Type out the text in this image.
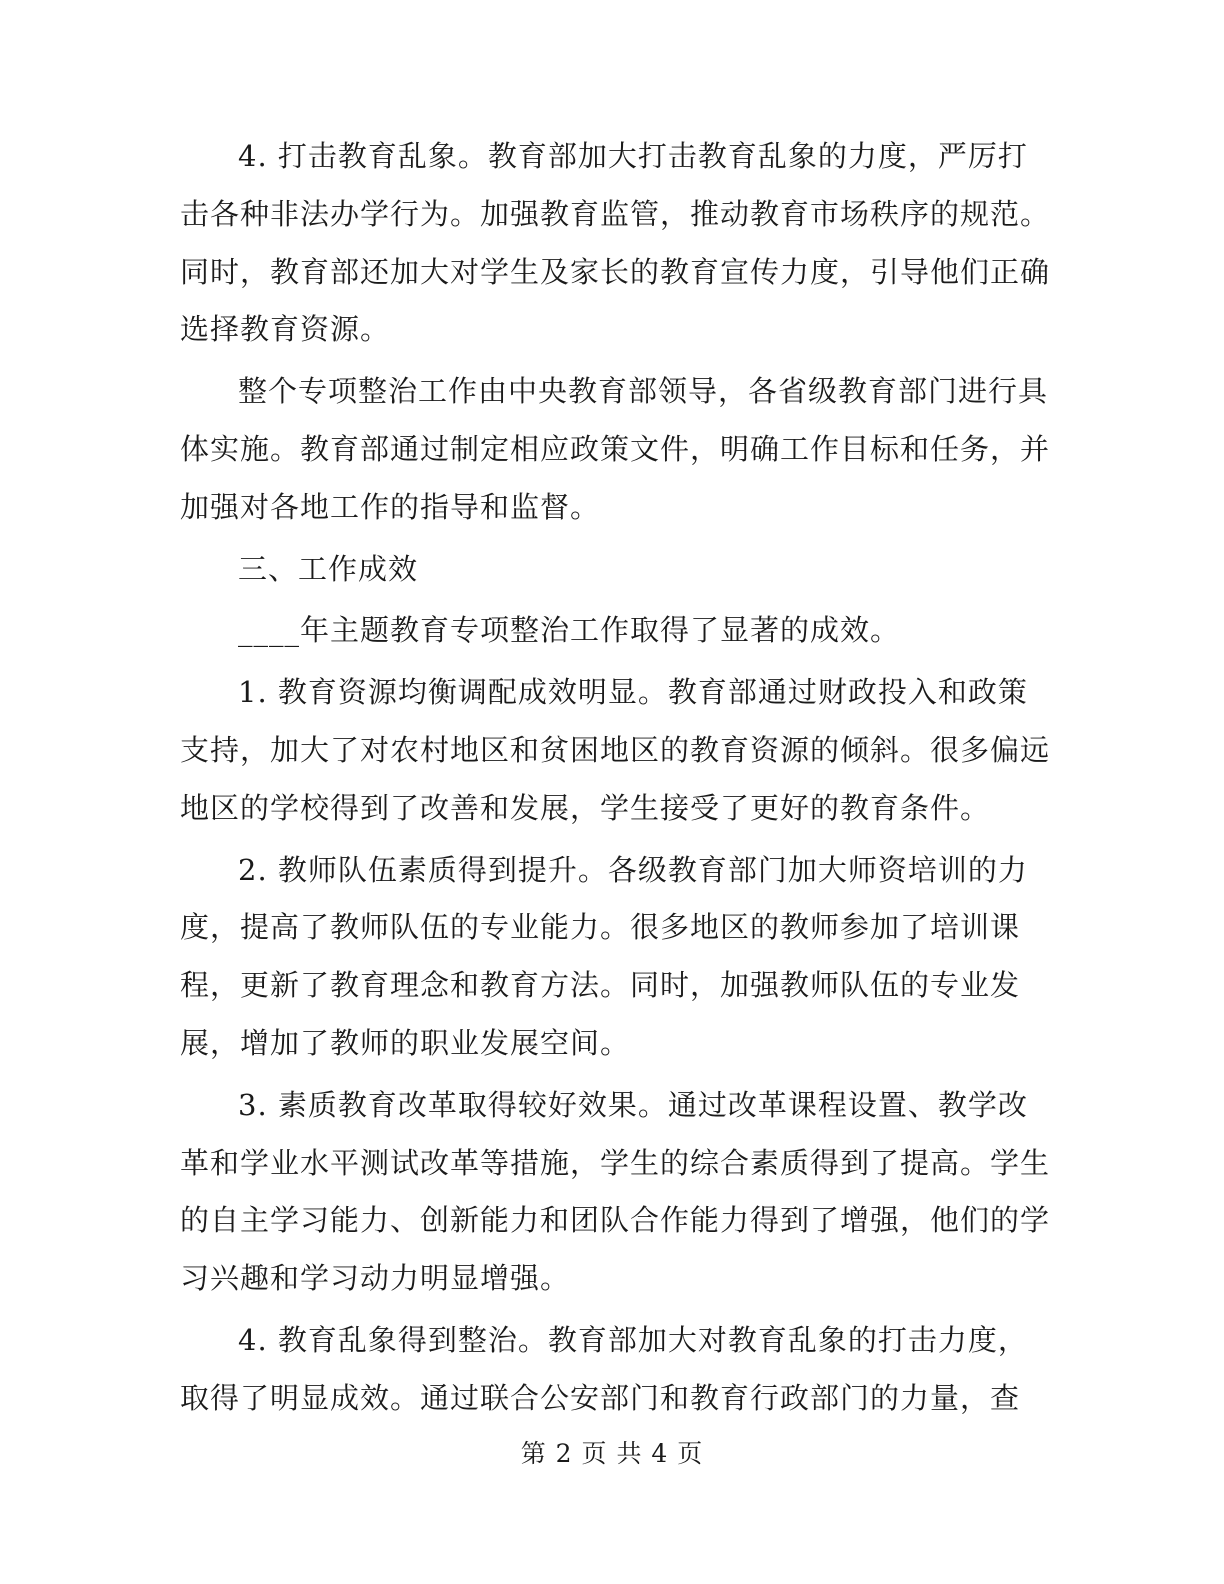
4. 打击教育乱象。教育部加大打击教育乱象的力度，严厉打击各种非法办学行为。加强教育监管，推动教育市场秩序的规范。同时，教育部还加大对学生及家长的教育宣传力度，引导他们正确选择教育资源。

整个专项整治工作由中央教育部领导，各省级教育部门进行具体实施。教育部通过制定相应政策文件，明确工作目标和任务，并加强对各地工作的指导和监督。

三、工作成效

____年主题教育专项整治工作取得了显著的成效。

1. 教育资源均衡调配成效明显。教育部通过财政投入和政策支持，加大了对农村地区和贫困地区的教育资源的倾斜。很多偏远地区的学校得到了改善和发展，学生接受了更好的教育条件。

2. 教师队伍素质得到提升。各级教育部门加大师资培训的力度，提高了教师队伍的专业能力。很多地区的教师参加了培训课程，更新了教育理念和教育方法。同时，加强教师队伍的专业发展，增加了教师的职业发展空间。

3. 素质教育改革取得较好效果。通过改革课程设置、教学改革和学业水平测试改革等措施，学生的综合素质得到了提高。学生的自主学习能力、创新能力和团队合作能力得到了增强，他们的学习兴趣和学习动力明显增强。

4. 教育乱象得到整治。教育部加大对教育乱象的打击力度，取得了明显成效。通过联合公安部门和教育行政部门的力量，查

第 2 页 共 4 页
